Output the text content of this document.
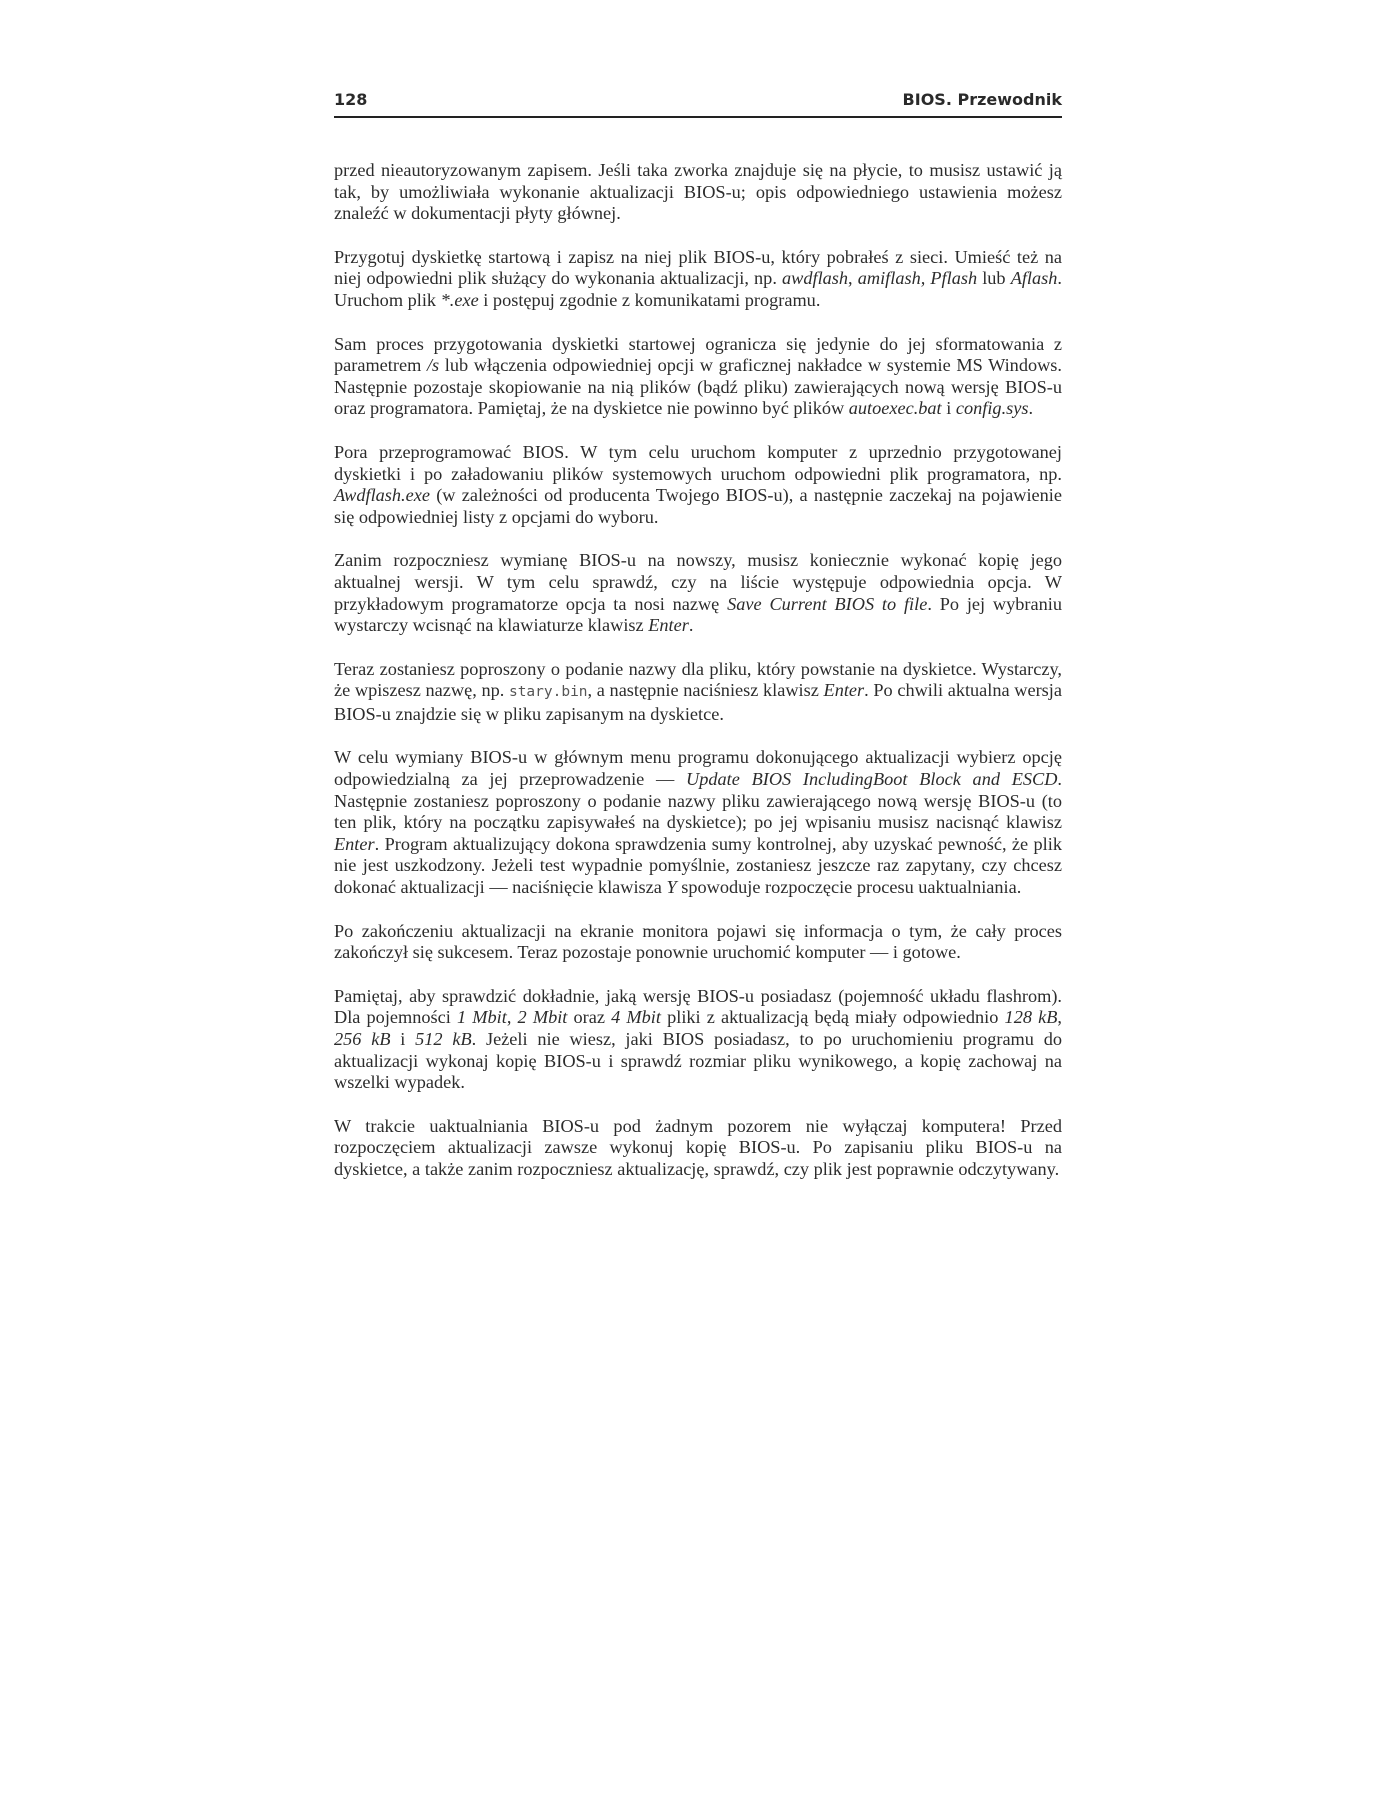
128	BIOS. Przewodnik

przed nieautoryzowanym zapisem. Jeśli taka zworka znajduje się na płycie, to musisz ustawić ją tak, by umożliwiała wykonanie aktualizacji BIOS-u; opis odpowiedniego ustawienia możesz znaleźć w dokumentacji płyty głównej.

Przygotuj dyskietkę startową i zapisz na niej plik BIOS-u, który pobrałeś z sieci. Umieść też na niej odpowiedni plik służący do wykonania aktualizacji, np. awdflash, amiflash, Pflash lub Aflash. Uruchom plik *.exe i postępuj zgodnie z komunikatami programu.

Sam proces przygotowania dyskietki startowej ogranicza się jedynie do jej sformatowania z parametrem /s lub włączenia odpowiedniej opcji w graficznej nakładce w systemie MS Windows. Następnie pozostaje skopiowanie na nią plików (bądź pliku) zawierających nową wersję BIOS-u oraz programatora. Pamiętaj, że na dyskietce nie powinno być plików autoexec.bat i config.sys.

Pora przeprogramować BIOS. W tym celu uruchom komputer z uprzednio przygotowanej dyskietki i po załadowaniu plików systemowych uruchom odpowiedni plik programatora, np. Awdflash.exe (w zależności od producenta Twojego BIOS-u), a następnie zaczekaj na pojawienie się odpowiedniej listy z opcjami do wyboru.

Zanim rozpoczniesz wymianę BIOS-u na nowszy, musisz koniecznie wykonać kopię jego aktualnej wersji. W tym celu sprawdź, czy na liście występuje odpowiednia opcja. W przykładowym programatorze opcja ta nosi nazwę Save Current BIOS to file. Po jej wybraniu wystarczy wcisnąć na klawiaturze klawisz Enter.

Teraz zostaniesz poproszony o podanie nazwy dla pliku, który powstanie na dyskietce. Wystarczy, że wpiszesz nazwę, np. stary.bin, a następnie naciśniesz klawisz Enter. Po chwili aktualna wersja BIOS-u znajdzie się w pliku zapisanym na dyskietce.

W celu wymiany BIOS-u w głównym menu programu dokonującego aktualizacji wybierz opcję odpowiedzialną za jej przeprowadzenie — Update BIOS IncludingBoot Block and ESCD. Następnie zostaniesz poproszony o podanie nazwy pliku zawierającego nową wersję BIOS-u (to ten plik, który na początku zapisywałeś na dyskietce); po jej wpisaniu musisz nacisnąć klawisz Enter. Program aktualizujący dokona sprawdzenia sumy kontrolnej, aby uzyskać pewność, że plik nie jest uszkodzony. Jeżeli test wypadnie pomyślnie, zostaniesz jeszcze raz zapytany, czy chcesz dokonać aktualizacji — naciśnięcie klawisza Y spowoduje rozpoczęcie procesu uaktualniania.

Po zakończeniu aktualizacji na ekranie monitora pojawi się informacja o tym, że cały proces zakończył się sukcesem. Teraz pozostaje ponownie uruchomić komputer — i gotowe.

Pamiętaj, aby sprawdzić dokładnie, jaką wersję BIOS-u posiadasz (pojemność układu flashrom). Dla pojemności 1 Mbit, 2 Mbit oraz 4 Mbit pliki z aktualizacją będą miały odpowiednio 128 kB, 256 kB i 512 kB. Jeżeli nie wiesz, jaki BIOS posiadasz, to po uruchomieniu programu do aktualizacji wykonaj kopię BIOS-u i sprawdź rozmiar pliku wynikowego, a kopię zachowaj na wszelki wypadek.

W trakcie uaktualniania BIOS-u pod żadnym pozorem nie wyłączaj komputera! Przed rozpoczęciem aktualizacji zawsze wykonuj kopię BIOS-u. Po zapisaniu pliku BIOS-u na dyskietce, a także zanim rozpoczniesz aktualizację, sprawdź, czy plik jest poprawnie odczytywany.
